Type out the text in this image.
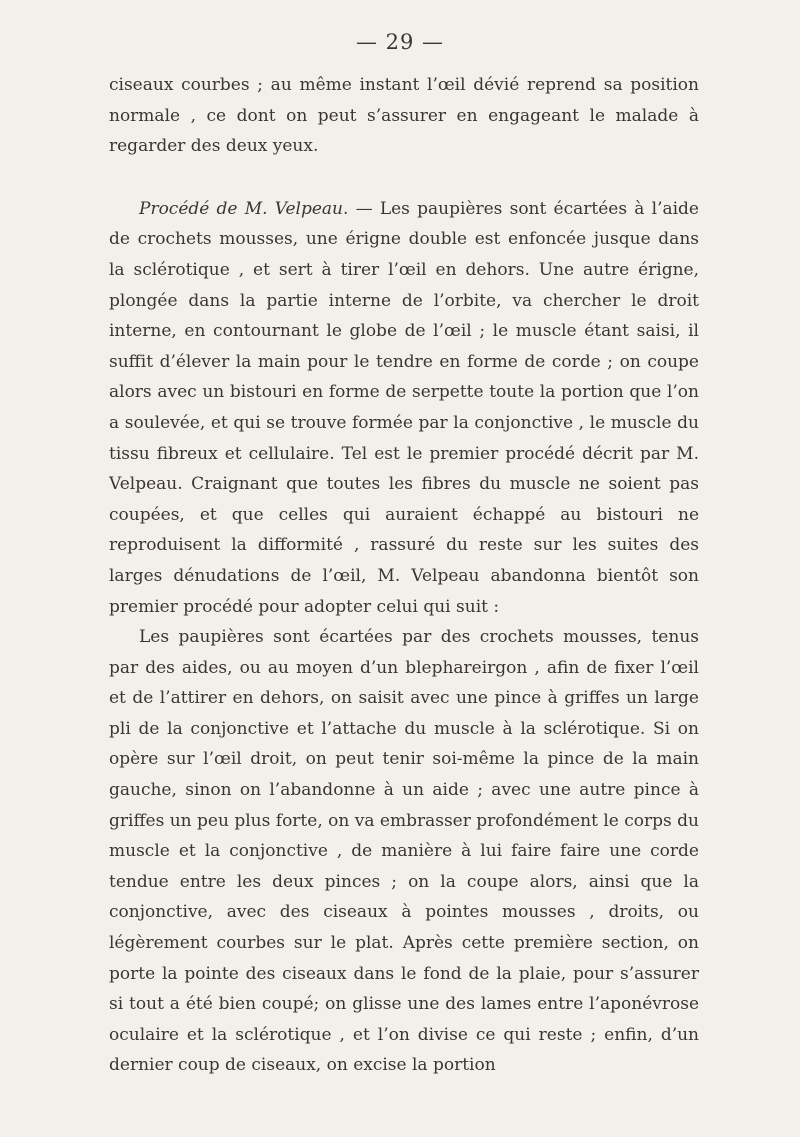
— 29 —

ciseaux courbes ; au même instant l’œil dévié reprend sa position normale , ce dont on peut s’assurer en engageant le malade à regarder des deux yeux.

Procédé de M. Velpeau. — Les paupières sont écartées à l’aide de crochets mousses, une érigne double est enfoncée jusque dans la sclérotique , et sert à tirer l’œil en dehors. Une autre érigne, plongée dans la partie interne de l’orbite, va chercher le droit interne, en contournant le globe de l’œil ; le muscle étant saisi, il suffit d’élever la main pour le tendre en forme de corde ; on coupe alors avec un bistouri en forme de serpette toute la portion que l’on a soulevée, et qui se trouve formée par la conjonctive , le muscle du tissu fibreux et cellulaire. Tel est le premier procédé décrit par M. Velpeau. Craignant que toutes les fibres du muscle ne soient pas coupées, et que celles qui auraient échappé au bistouri ne reproduisent la difformité , rassuré du reste sur les suites des larges dénudations de l’œil, M. Velpeau abandonna bientôt son premier procédé pour adopter celui qui suit :

Les paupières sont écartées par des crochets mousses, tenus par des aides, ou au moyen d’un blephareirgon , afin de fixer l’œil et de l’attirer en dehors, on saisit avec une pince à griffes un large pli de la conjonctive et l’attache du muscle à la sclérotique. Si on opère sur l’œil droit, on peut tenir soi-même la pince de la main gauche, sinon on l’abandonne à un aide ; avec une autre pince à griffes un peu plus forte, on va embrasser profondément le corps du muscle et la conjonctive , de manière à lui faire faire une corde tendue entre les deux pinces ; on la coupe alors, ainsi que la conjonctive, avec des ciseaux à pointes mousses , droits, ou légèrement courbes sur le plat. Après cette première section, on porte la pointe des ciseaux dans le fond de la plaie, pour s’assurer si tout a été bien coupé; on glisse une des lames entre l’aponévrose oculaire et la sclérotique , et l’on divise ce qui reste ; enfin, d’un dernier coup de ciseaux, on excise la portion
